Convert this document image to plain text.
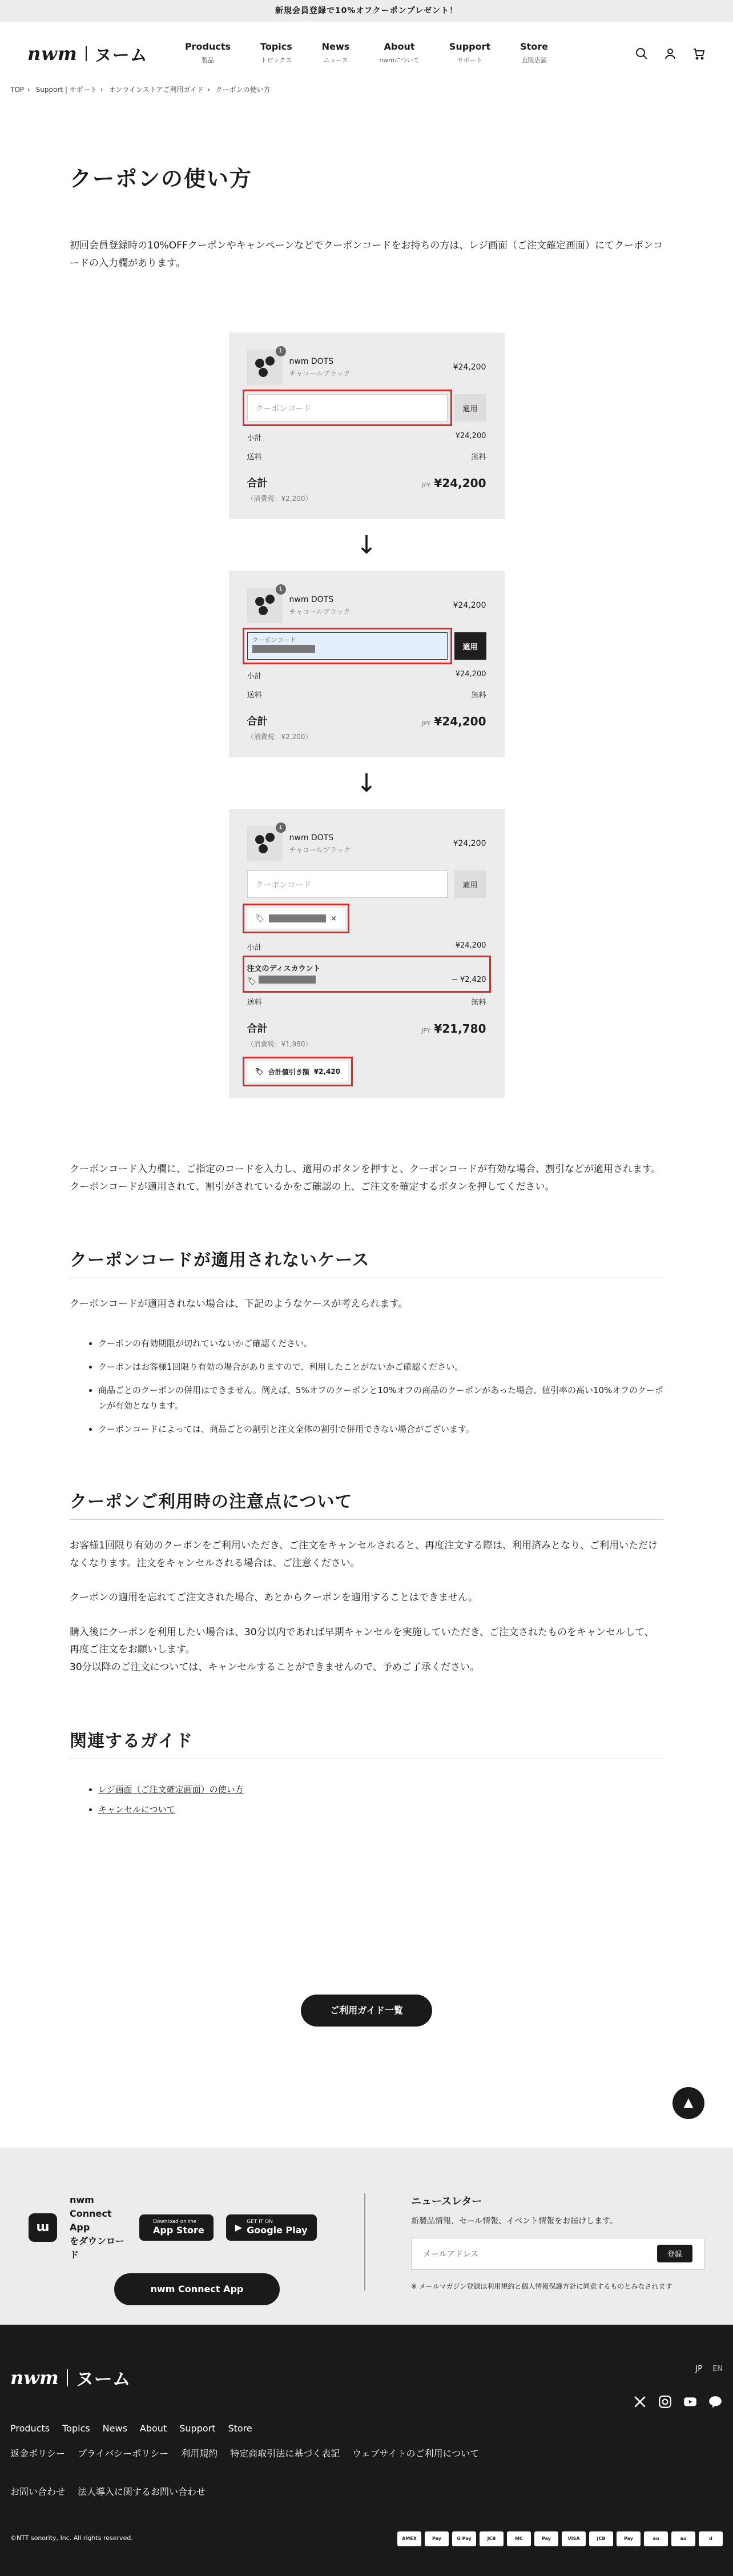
新規会員登録で10%オフクーポンプレゼント！
nwm ヌーム	Products
製品
Topics
トピックス
News
ニュース
About
nwmについて
Support
サポート
Store
直販店舗
TOP › Support | サポート › オンラインストアご利用ガイド › クーポンの使い方
クーポンの使い方

初回会員登録時の10%OFFクーポンやキャンペーンなどでクーポンコードをお持ちの方は、レジ画面（ご注文確定画面）にてクーポンコードの入力欄があります。

1
nwm DOTS
チャコールブラック
¥24,200
クーポンコード	適用
小計	¥24,200
送料	無料
合計	JPY ¥24,200
（消費税：¥2,200）
↓
1
nwm DOTS
チャコールブラック
¥24,200
クーポンコード
適用
小計	¥24,200
送料	無料
合計	JPY ¥24,200
（消費税：¥2,200）
↓
1
nwm DOTS
チャコールブラック
¥24,200
クーポンコード	適用
🏷	×
小計	¥24,200
注文のディスカウント
🏷	− ¥2,420
送料	無料
合計	JPY ¥21,780
（消費税：¥1,980）
🏷 合計値引き額 ¥2,420

クーポンコード入力欄に、ご指定のコードを入力し、適用のボタンを押すと、クーポンコードが有効な場合、割引などが適用されます。

クーポンコードが適用されて、割引がされているかをご確認の上、ご注文を確定するボタンを押してください。

クーポンコードが適用されないケース

クーポンコードが適用されない場合は、下記のようなケースが考えられます。

• クーポンの有効期限が切れていないかご確認ください。
• クーポンはお客様1回限り有効の場合がありますので、利用したことがないかご確認ください。
• 商品ごとのクーポンの併用はできません。例えば、5%オフのクーポンと10%オフの商品のクーポンがあった場合、値引率の高い10%オフのクーポンが有効となります。
• クーポンコードによっては、商品ごとの割引と注文全体の割引で併用できない場合がございます。
クーポンご利用時の注意点について

お客様1回限り有効のクーポンをご利用いただき、ご注文をキャンセルされると、再度注文する際は、利用済みとなり、ご利用いただけなくなります。注文をキャンセルされる場合は、ご注意ください。

クーポンの適用を忘れてご注文された場合、あとからクーポンを適用することはできません。

購入後にクーポンを利用したい場合は、30分以内であれば早期キャンセルを実施していただき、ご注文されたものをキャンセルして、再度ご注文をお願いします。

30分以降のご注文については、キャンセルすることができませんので、予めご了承ください。

関連するガイド
• レジ画面（ご注文確定画面）の使い方
• キャンセルについて
ご利用ガイド一覧
▲
ɯ
nwm Connect App
をダウンロード
Download on the
App Store	▶ GET IT ON
Google Play
nwm Connect App
ニュースレター
新製品情報、セール情報、イベント情報をお届けします。
メールアドレス	登録
※ メールマガジン登録は利用規約と個人情報保護方針に同意するものとみなされます
nwm ヌーム	JP EN
Products Topics News About Support Store
返金ポリシー プライバシーポリシー 利用規約 特定商取引法に基づく表記 ウェブサイトのご利用について
お問い合わせ 法人導入に関するお問い合わせ
©NTT sonority, Inc. All rights reserved.	AMEX	Pay	G Pay	JCB	MC	Pay	VISA	JCB	Pay	au	au	d
